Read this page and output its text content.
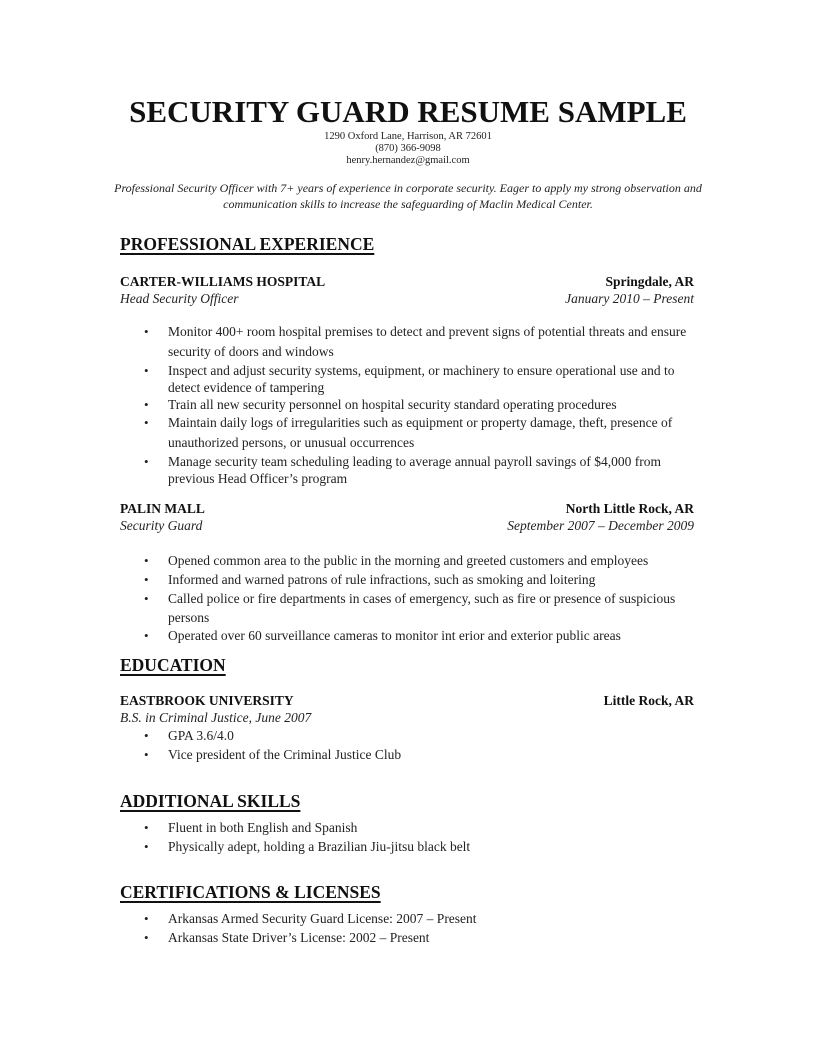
SECURITY GUARD RESUME SAMPLE
1290 Oxford Lane, Harrison, AR 72601
(870) 366-9098
henry.hernandez@gmail.com
Professional Security Officer with 7+ years of experience in corporate security. Eager to apply my strong observation and communication skills to increase the safeguarding of Maclin Medical Center.
PROFESSIONAL EXPERIENCE
CARTER-WILLIAMS HOSPITAL	Springdale, AR
Head Security Officer	January 2010 – Present
• Monitor 400+ room hospital premises to detect and prevent signs of potential threats and ensure security of doors and windows
• Inspect and adjust security systems, equipment, or machinery to ensure operational use and to detect evidence of tampering
• Train all new security personnel on hospital security standard operating procedures
• Maintain daily logs of irregularities such as equipment or property damage, theft, presence of unauthorized persons, or unusual occurrences
• Manage security team scheduling leading to average annual payroll savings of $4,000 from previous Head Officer’s program
PALIN MALL	North Little Rock, AR
Security Guard	September 2007 – December 2009
• Opened common area to the public in the morning and greeted customers and employees
• Informed and warned patrons of rule infractions, such as smoking and loitering
• Called police or fire departments in cases of emergency, such as fire or presence of suspicious persons
• Operated over 60 surveillance cameras to monitor int erior and exterior public areas
EDUCATION
EASTBROOK UNIVERSITY	Little Rock, AR
B.S. in Criminal Justice, June 2007
• GPA 3.6/4.0
• Vice president of the Criminal Justice Club
ADDITIONAL SKILLS
• Fluent in both English and Spanish
• Physically adept, holding a Brazilian Jiu-jitsu black belt
CERTIFICATIONS & LICENSES
• Arkansas Armed Security Guard License: 2007 – Present
• Arkansas State Driver’s License: 2002 – Present
